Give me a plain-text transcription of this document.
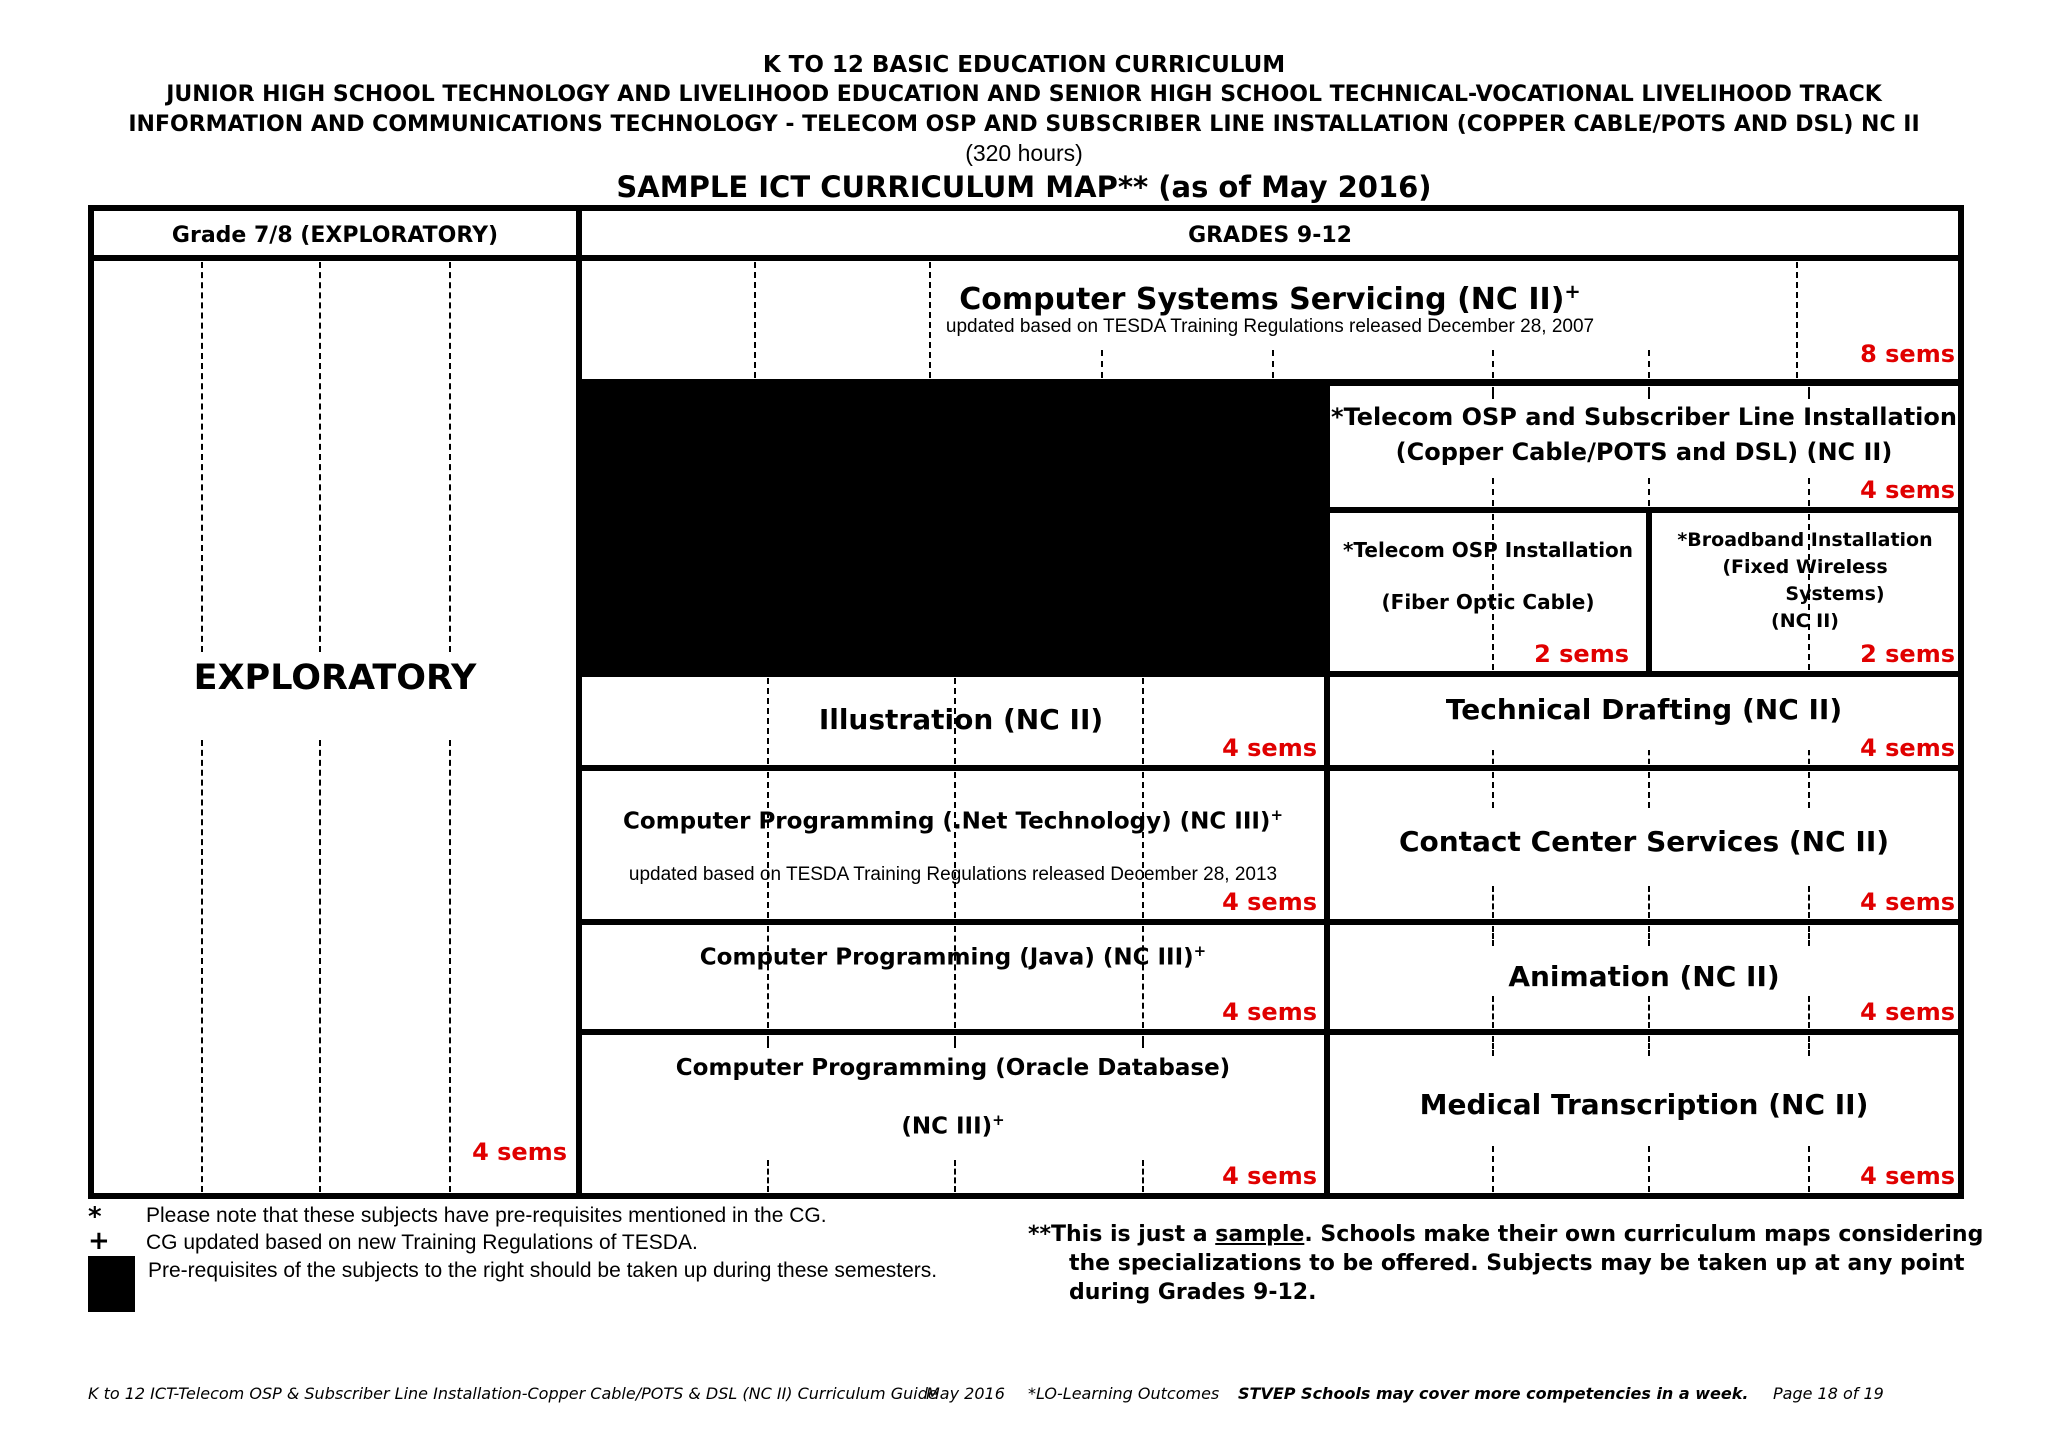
K TO 12 BASIC EDUCATION CURRICULUM
JUNIOR HIGH SCHOOL TECHNOLOGY AND LIVELIHOOD EDUCATION AND SENIOR HIGH SCHOOL TECHNICAL-VOCATIONAL LIVELIHOOD TRACK
INFORMATION AND COMMUNICATIONS TECHNOLOGY - TELECOM OSP AND SUBSCRIBER LINE INSTALLATION (COPPER CABLE/POTS AND DSL) NC II
(320 hours)
SAMPLE ICT CURRICULUM MAP** (as of May 2016)
Grade 7/8 (EXPLORATORY)	GRADES 9-12
EXPLORATORY
4 sems
Computer Systems Servicing (NC II)+
updated based on TESDA Training Regulations released December 28, 2007
8 sems
*Telecom OSP and Subscriber Line Installation
(Copper Cable/POTS and DSL) (NC II)
4 sems
*Telecom OSP Installation
(Fiber Optic Cable)
2 sems
*Broadband Installation
(Fixed Wireless
Systems)
(NC II)
2 sems
Illustration (NC II)
4 sems
Technical Drafting (NC II)
4 sems
Computer Programming (.Net Technology) (NC III)+
updated based on TESDA Training Regulations released December 28, 2013
4 sems
Contact Center Services (NC II)
4 sems
Computer Programming (Java) (NC III)+
4 sems
Animation (NC II)
4 sems
Computer Programming (Oracle Database)
(NC III)+
4 sems
Medical Transcription (NC II)
4 sems
* Please note that these subjects have pre-requisites mentioned in the CG.
+ CG updated based on new Training Regulations of TESDA.
Pre-requisites of the subjects to the right should be taken up during these semesters.
**This is just a sample. Schools make their own curriculum maps considering
the specializations to be offered. Subjects may be taken up at any point
during Grades 9-12.
K to 12 ICT-Telecom OSP & Subscriber Line Installation-Copper Cable/POTS & DSL (NC II) Curriculum Guide
May 2016 *LO-Learning Outcomes STVEP Schools may cover more competencies in a week. Page 18 of 19
